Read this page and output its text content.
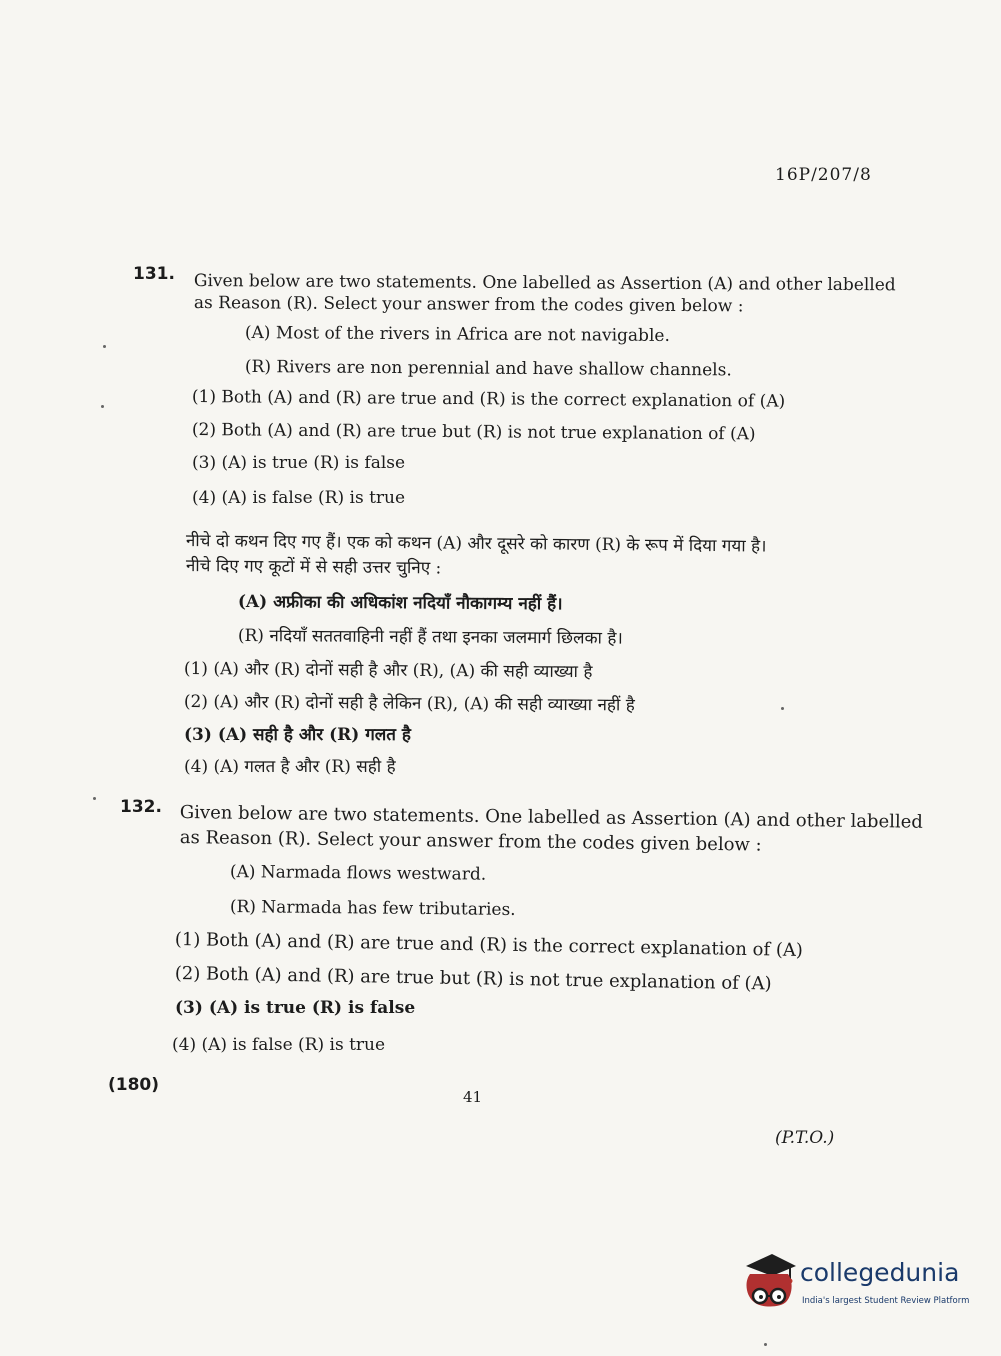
16P/207/8
131. Given below are two statements. One labelled as Assertion (A) and other labelled
as Reason (R). Select your answer from the codes given below :
(A) Most of the rivers in Africa are not navigable.
(R) Rivers are non perennial and have shallow channels.
(1) Both (A) and (R) are true and (R) is the correct explanation of (A)
(2) Both (A) and (R) are true but (R) is not true explanation of (A)
(3) (A) is true (R) is false
(4) (A) is false (R) is true
नीचे दो कथन दिए गए हैं। एक को कथन (A) और दूसरे को कारण (R) के रूप में दिया गया है।
नीचे दिए गए कूटों में से सही उत्तर चुनिए :
(A) अफ्रीका की अधिकांश नदियाँ नौकागम्य नहीं हैं।
(R) नदियाँ सततवाहिनी नहीं हैं तथा इनका जलमार्ग छिलका है।
(1) (A) और (R) दोनों सही है और (R), (A) की सही व्याख्या है
(2) (A) और (R) दोनों सही है लेकिन (R), (A) की सही व्याख्या नहीं है
(3) (A) सही है और (R) गलत है
(4) (A) गलत है और (R) सही है
132. Given below are two statements. One labelled as Assertion (A) and other labelled
as Reason (R). Select your answer from the codes given below :
(A) Narmada flows westward.
(R) Narmada has few tributaries.
(1) Both (A) and (R) are true and (R) is the correct explanation of (A)
(2) Both (A) and (R) are true but (R) is not true explanation of (A)
(3) (A) is true (R) is false
(4) (A) is false (R) is true
(180)
41
(P.T.O.)
collegedunia
India's largest Student Review Platform
